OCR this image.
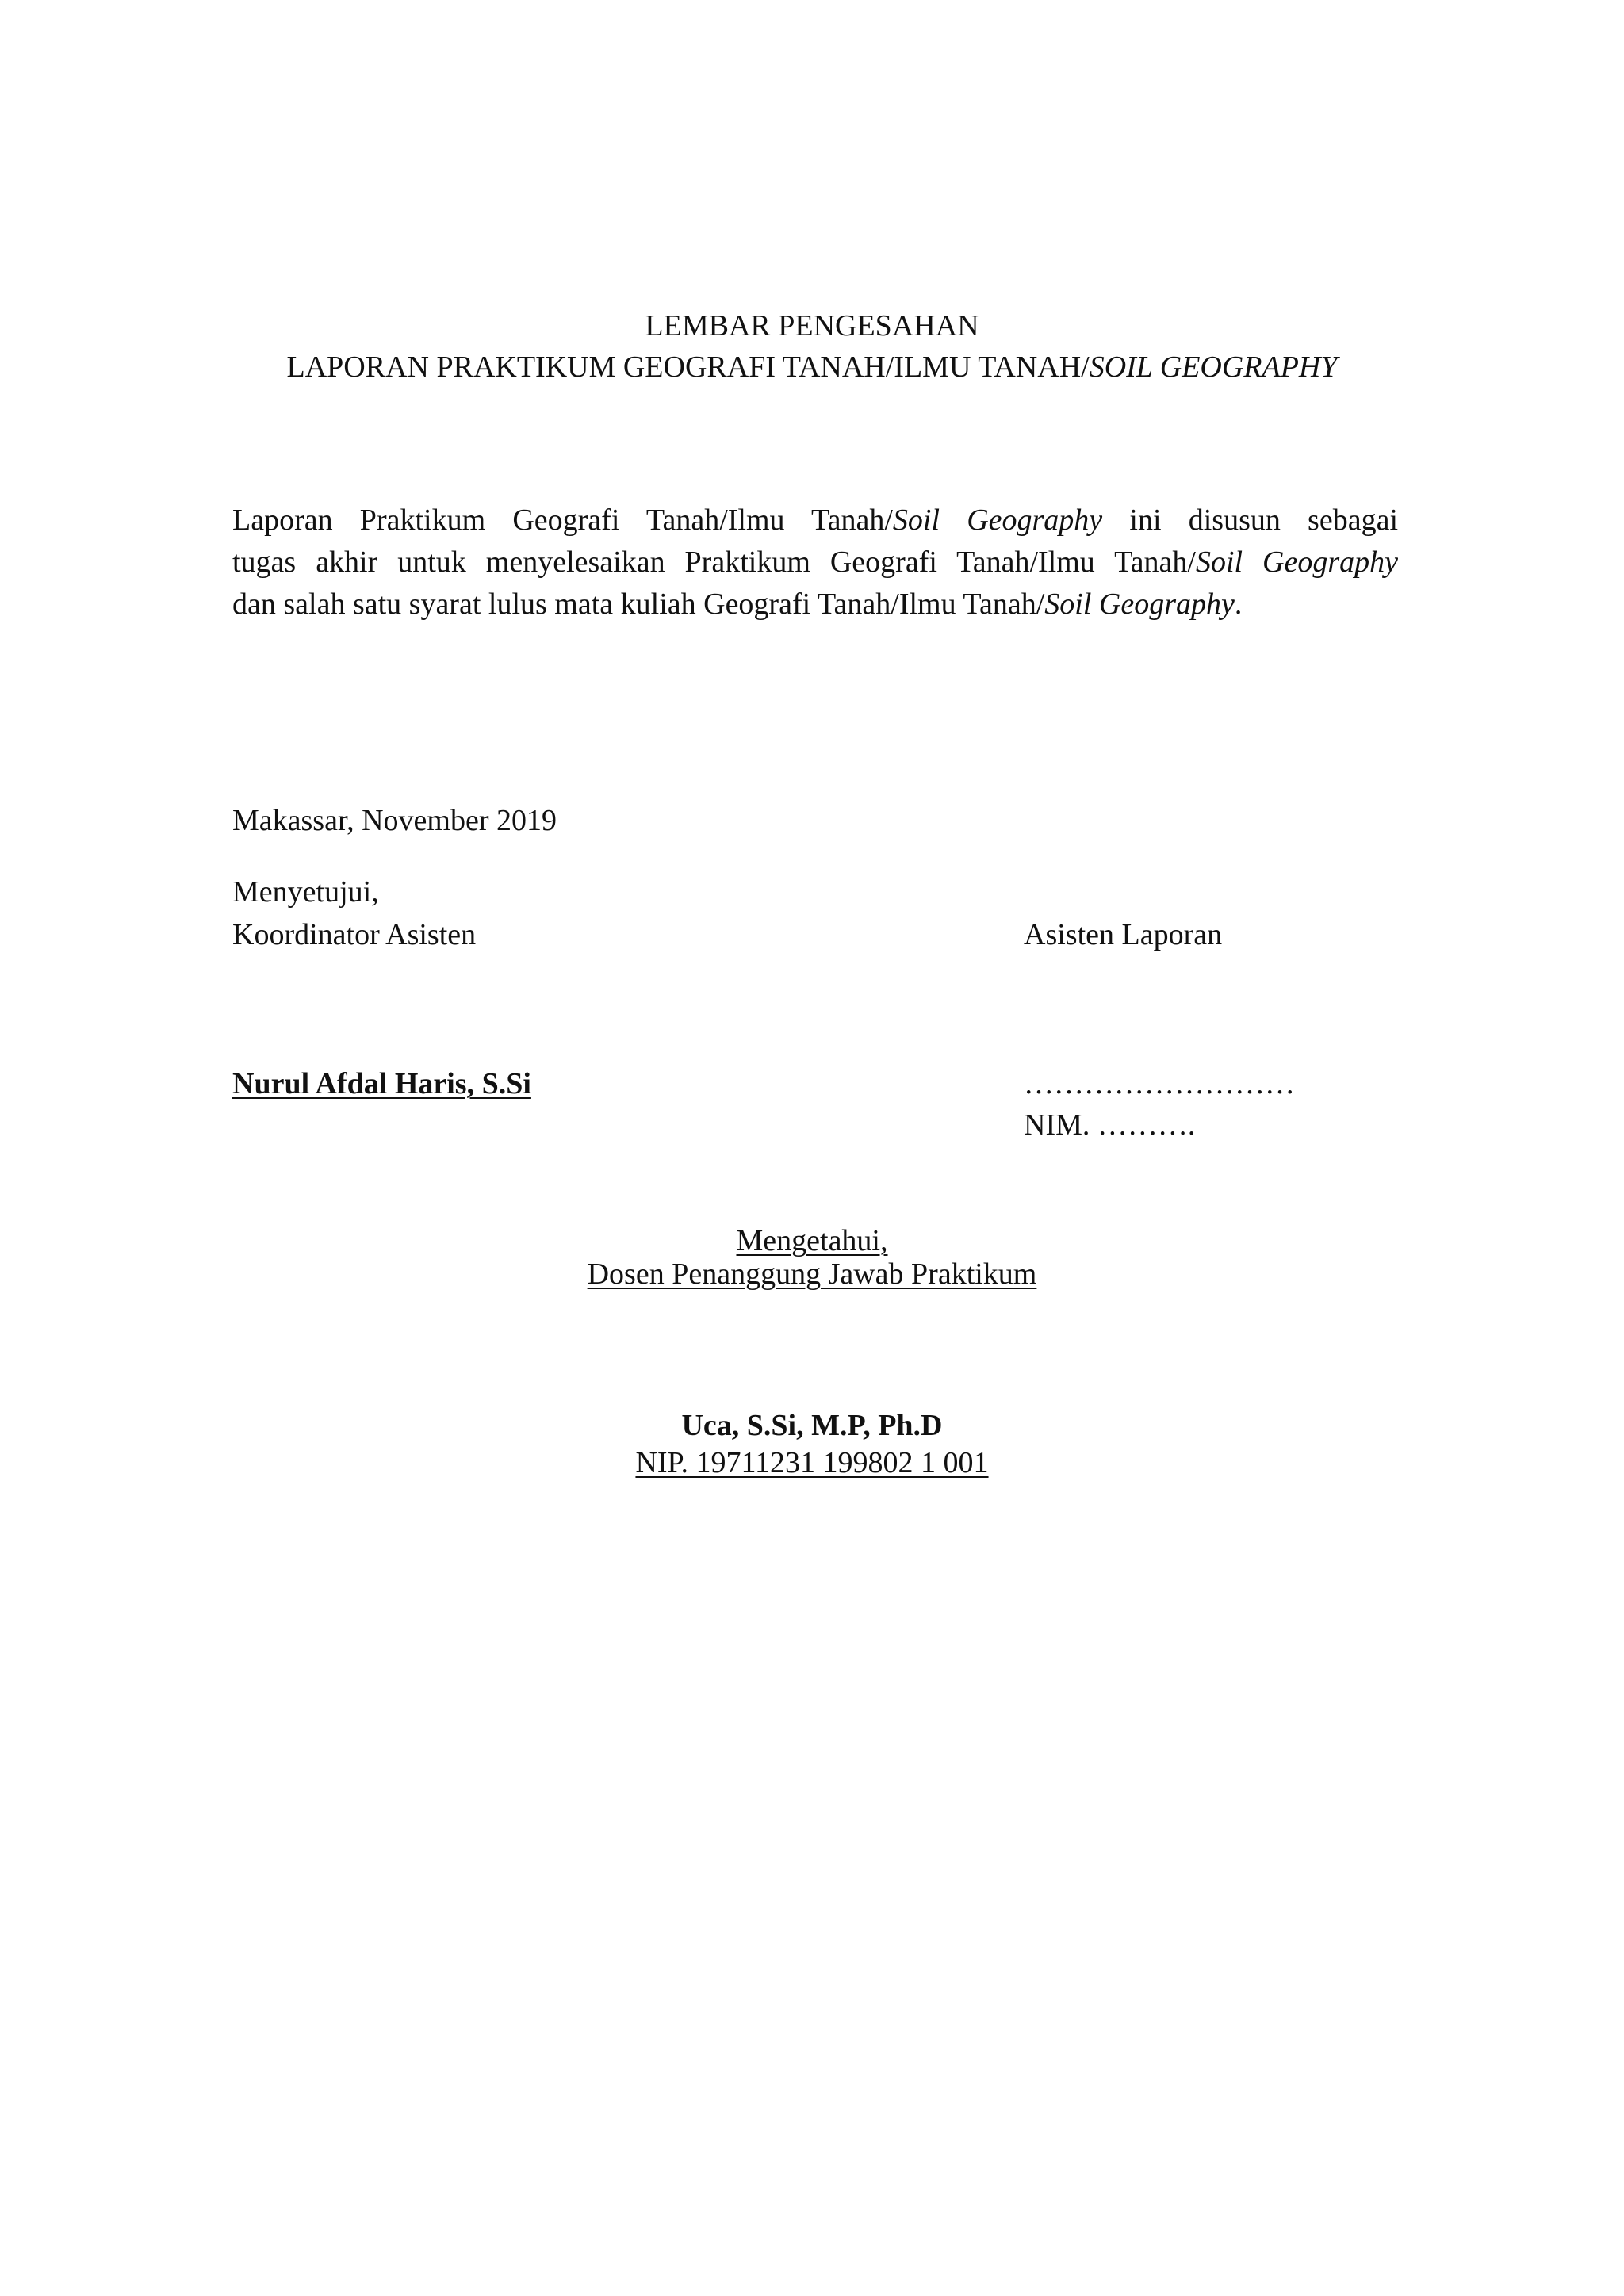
LEMBAR PENGESAHAN
LAPORAN PRAKTIKUM GEOGRAFI TANAH/ILMU TANAH/SOIL GEOGRAPHY
Laporan Praktikum Geografi Tanah/Ilmu Tanah/Soil Geography ini disusun sebagai
tugas akhir untuk menyelesaikan Praktikum Geografi Tanah/Ilmu Tanah/Soil Geography
dan salah satu syarat lulus mata kuliah Geografi Tanah/Ilmu Tanah/Soil Geography.
Makassar, November 2019
Menyetujui,
Koordinator Asisten	Asisten Laporan
Nurul Afdal Haris, S.Si	………………………
NIM. ……….
Mengetahui,
Dosen Penanggung Jawab Praktikum
Uca, S.Si, M.P, Ph.D
NIP. 19711231 199802 1 001
